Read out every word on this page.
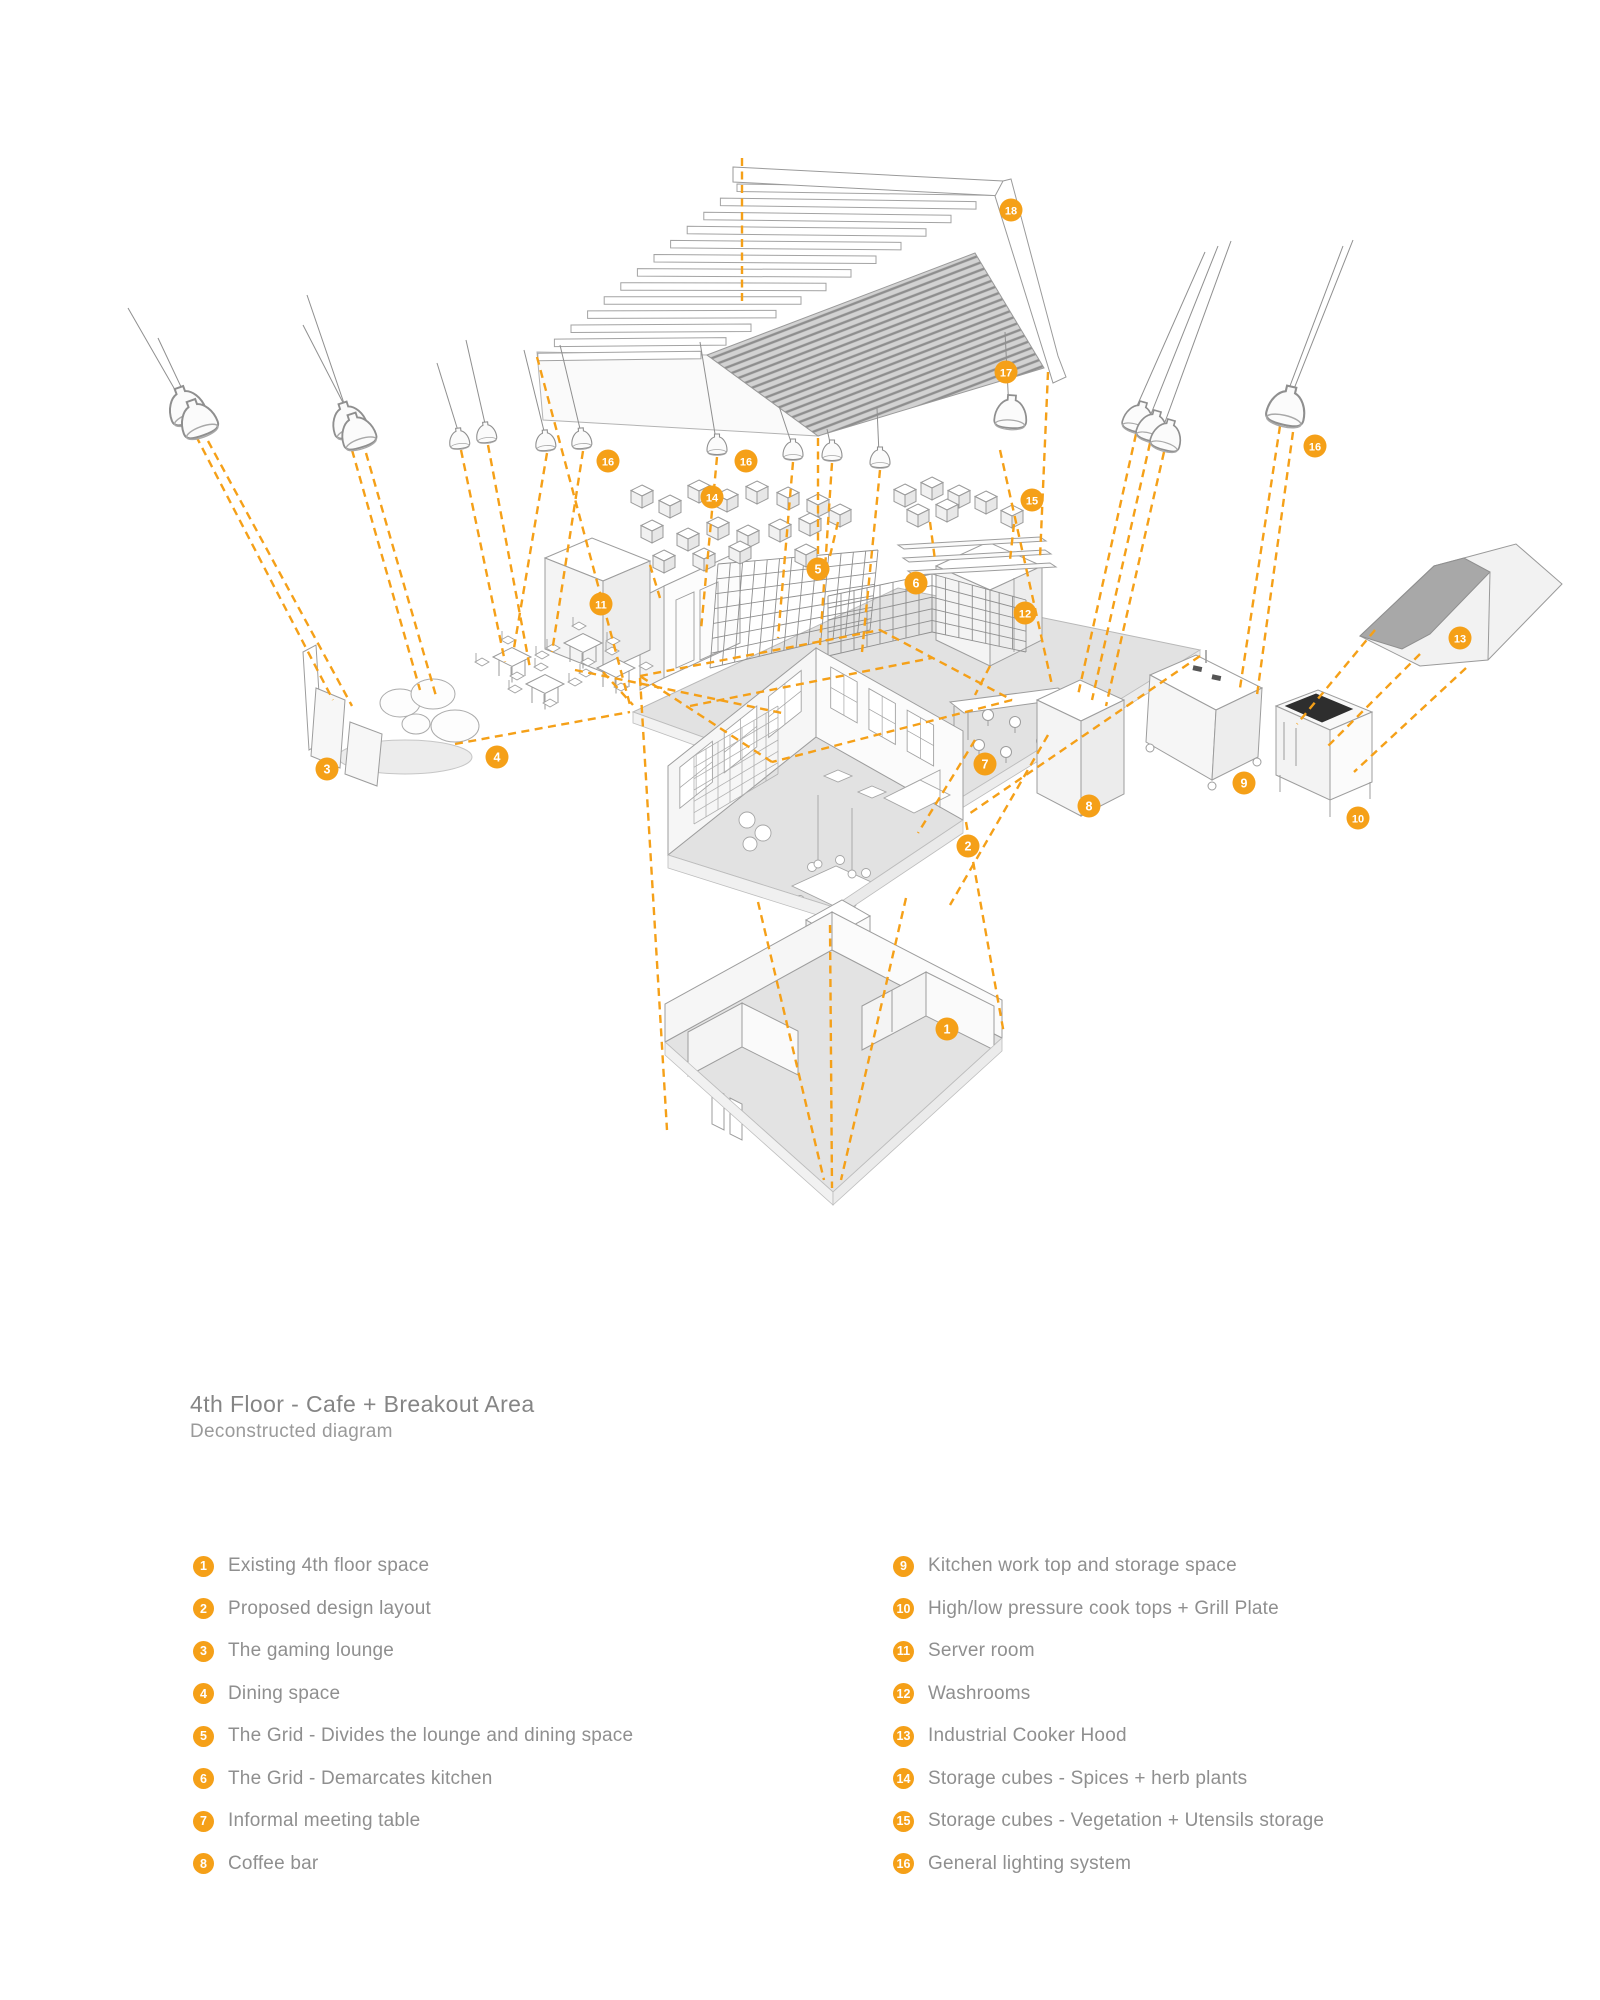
1
2
3
4
5
6
7
8
9
10
11
12
13
14	15
16	16
16
17
18
4th Floor - Cafe + Breakout Area
Deconstructed diagram
1	Existing 4th floor space
2	Proposed design layout
3	The gaming lounge
4	Dining space
5	The Grid - Divides the lounge and dining space
6	The Grid - Demarcates kitchen
7	Informal meeting table
8	Coffee bar
9	Kitchen work top and storage space
10 High/low pressure cook tops + Grill Plate
11 Server room
12 Washrooms
13 Industrial Cooker Hood
14 Storage cubes - Spices + herb plants
15 Storage cubes - Vegetation + Utensils storage
16 General lighting system
